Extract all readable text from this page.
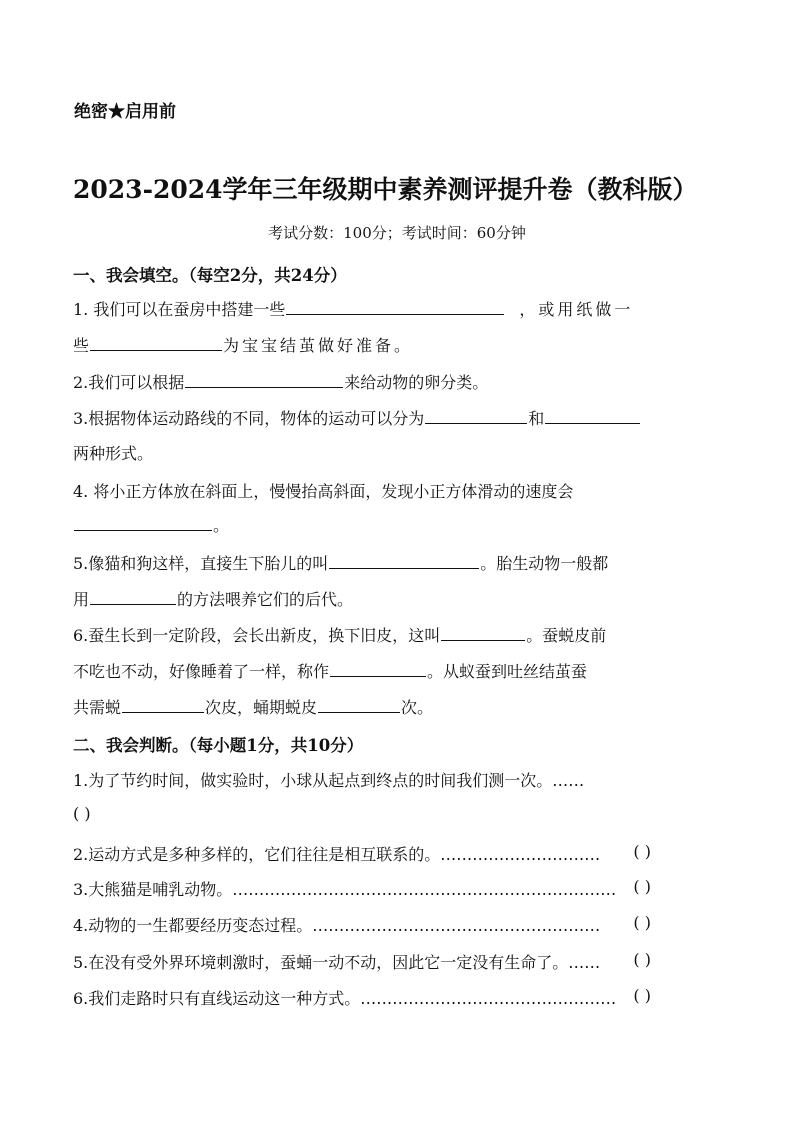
绝密★启用前
2023-2024学年三年级期中素养测评提升卷（教科版）
考试分数：100分；考试时间：60分钟
一、我会填空。（每空2分，共24分）
1. 我们可以在蚕房中搭建一些	，或用纸做一
些	为宝宝结茧做好准备。
2.我们可以根据	来给动物的卵分类。
3.根据物体运动路线的不同，物体的运动可以分为	和
两种形式。
4. 将小正方体放在斜面上，慢慢抬高斜面，发现小正方体滑动的速度会
。
5.像猫和狗这样，直接生下胎儿的叫	。胎生动物一般都
用	的方法喂养它们的后代。
6.蚕生长到一定阶段，会长出新皮，换下旧皮，这叫	。蚕蜕皮前
不吃也不动，好像睡着了一样，称作	。从蚁蚕到吐丝结茧蚕
共需蜕	次皮，蛹期蜕皮	次。
二、我会判断。（每小题1分，共10分）
1.为了节约时间，做实验时，小球从起点到终点的时间我们测一次。……
( )
2.运动方式是多种多样的，它们往往是相互联系的。………………………… ( )
3.大熊猫是哺乳动物。……………………………………………………………… ( )
4.动物的一生都要经历变态过程。……………………………………………… ( )
5.在没有受外界环境刺激时，蚕蛹一动不动，因此它一定没有生命了。…… ( )
6.我们走路时只有直线运动这一种方式。………………………………………… ( )
